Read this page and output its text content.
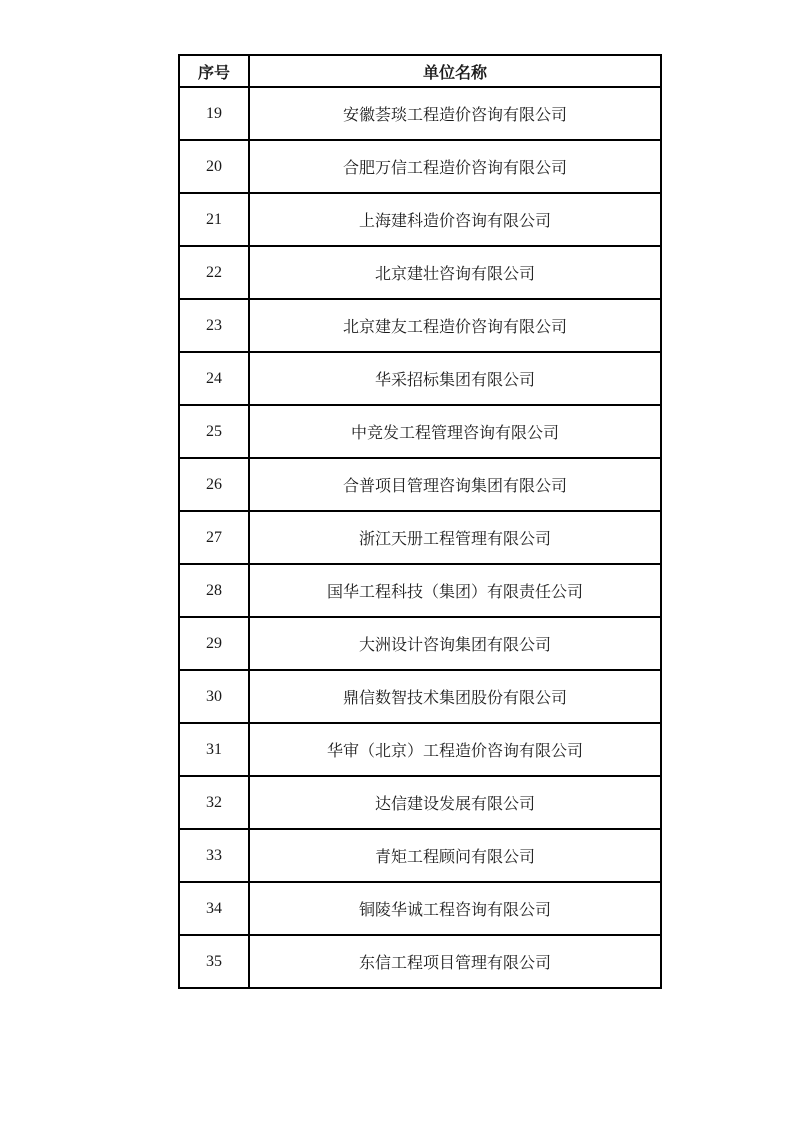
序号	单位名称
19	安徽荟琰工程造价咨询有限公司
20	合肥万信工程造价咨询有限公司
21	上海建科造价咨询有限公司
22	北京建壮咨询有限公司
23	北京建友工程造价咨询有限公司
24	华采招标集团有限公司
25	中竞发工程管理咨询有限公司
26	合普项目管理咨询集团有限公司
27	浙江天册工程管理有限公司
28	国华工程科技（集团）有限责任公司
29	大洲设计咨询集团有限公司
30	鼎信数智技术集团股份有限公司
31	华审（北京）工程造价咨询有限公司
32	达信建设发展有限公司
33	青矩工程顾问有限公司
34	铜陵华诚工程咨询有限公司
35	东信工程项目管理有限公司
